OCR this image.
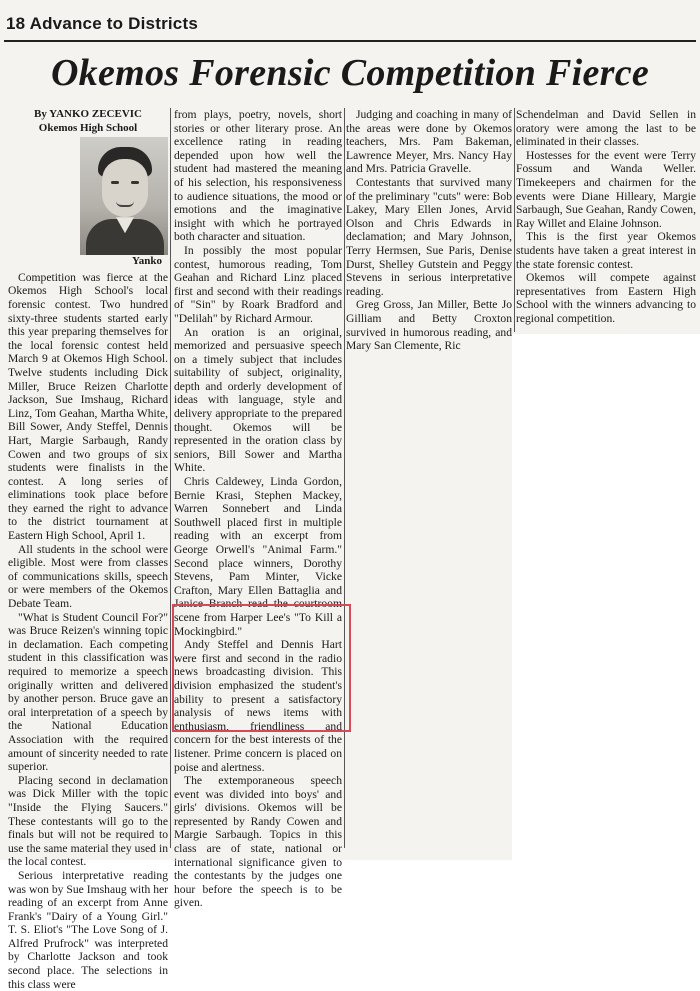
18 Advance to Districts
Okemos Forensic Competition Fierce

By YANKO ZECEVIC
Okemos High School

Yanko

Competition was fierce at the Okemos High School's local forensic contest. Two hundred sixty-three students started early this year preparing themselves for the local forensic contest held March 9 at Okemos High School. Twelve students including Dick Miller, Bruce Reizen Charlotte Jackson, Sue Imshaug, Richard Linz, Tom Geahan, Martha White, Bill Sower, Andy Steffel, Dennis Hart, Margie Sarbaugh, Randy Cowen and two groups of six students were finalists in the contest. A long series of eliminations took place before they earned the right to advance to the district tournament at Eastern High School, April 1.

All students in the school were eligible. Most were from classes of communications skills, speech or were members of the Okemos Debate Team.

"What is Student Council For?" was Bruce Reizen's winning topic in declamation. Each competing student in this classification was required to memorize a speech originally written and delivered by another person. Bruce gave an oral interpretation of a speech by the National Education Association with the required amount of sincerity needed to rate superior.

Placing second in declamation was Dick Miller with the topic "Inside the Flying Saucers." These contestants will go to the finals but will not be required to use the same material they used in the local contest.

Serious interpretative reading was won by Sue Imshaug with her reading of an excerpt from Anne Frank's "Dairy of a Young Girl." T. S. Eliot's "The Love Song of J. Alfred Prufrock" was interpreted by Charlotte Jackson and took second place. The selections in this class were

from plays, poetry, novels, short stories or other literary prose. An excellence rating in reading depended upon how well the student had mastered the meaning of his selection, his responsiveness to audience situations, the mood or emotions and the imaginative insight with which he portrayed both character and situation.

In possibly the most popular contest, humorous reading, Tom Geahan and Richard Linz placed first and second with their readings of "Sin" by Roark Bradford and "Delilah" by Richard Armour.

An oration is an original, memorized and persuasive speech on a timely subject that includes suitability of subject, originality, depth and orderly development of ideas with language, style and delivery appropriate to the prepared thought. Okemos will be represented in the oration class by seniors, Bill Sower and Martha White.

Chris Caldewey, Linda Gordon, Bernie Krasi, Stephen Mackey, Warren Sonnebert and Linda Southwell placed first in multiple reading with an excerpt from George Orwell's "Animal Farm." Second place winners, Dorothy Stevens, Pam Minter, Vicke Crafton, Mary Ellen Battaglia and Janice Branch read the courtroom scene from Harper Lee's "To Kill a Mockingbird."

Andy Steffel and Dennis Hart were first and second in the radio news broadcasting division. This division emphasized the student's ability to present a satisfactory analysis of news items with enthusiasm, friendliness and concern for the best interests of the listener. Prime concern is placed on poise and alertness.

The extemporaneous speech event was divided into boys' and girls' divisions. Okemos will be represented by Randy Cowen and Margie Sarbaugh. Topics in this class are of state, national or international significance given to the contestants by the judges one hour before the speech is to be given.

Judging and coaching in many of the areas were done by Okemos teachers, Mrs. Pam Bakeman, Lawrence Meyer, Mrs. Nancy Hay and Mrs. Patricia Gravelle.

Contestants that survived many of the preliminary "cuts" were: Bob Lakey, Mary Ellen Jones, Arvid Olson and Chris Edwards in declamation; and Mary Johnson, Terry Hermsen, Sue Paris, Denise Durst, Shelley Gutstein and Peggy Stevens in serious interpretative reading.

Greg Gross, Jan Miller, Bette Jo Gilliam and Betty Croxton survived in humorous reading, and Mary San Clemente, Ric

Schendelman and David Sellen in oratory were among the last to be eliminated in their classes.

Hostesses for the event were Terry Fossum and Wanda Weller. Timekeepers and chairmen for the events were Diane Hilleary, Margie Sarbaugh, Sue Geahan, Randy Cowen, Ray Willet and Elaine Johnson.

This is the first year Okemos students have taken a great interest in the state forensic contest.

Okemos will compete against representatives from Eastern High School with the winners advancing to regional competition.
